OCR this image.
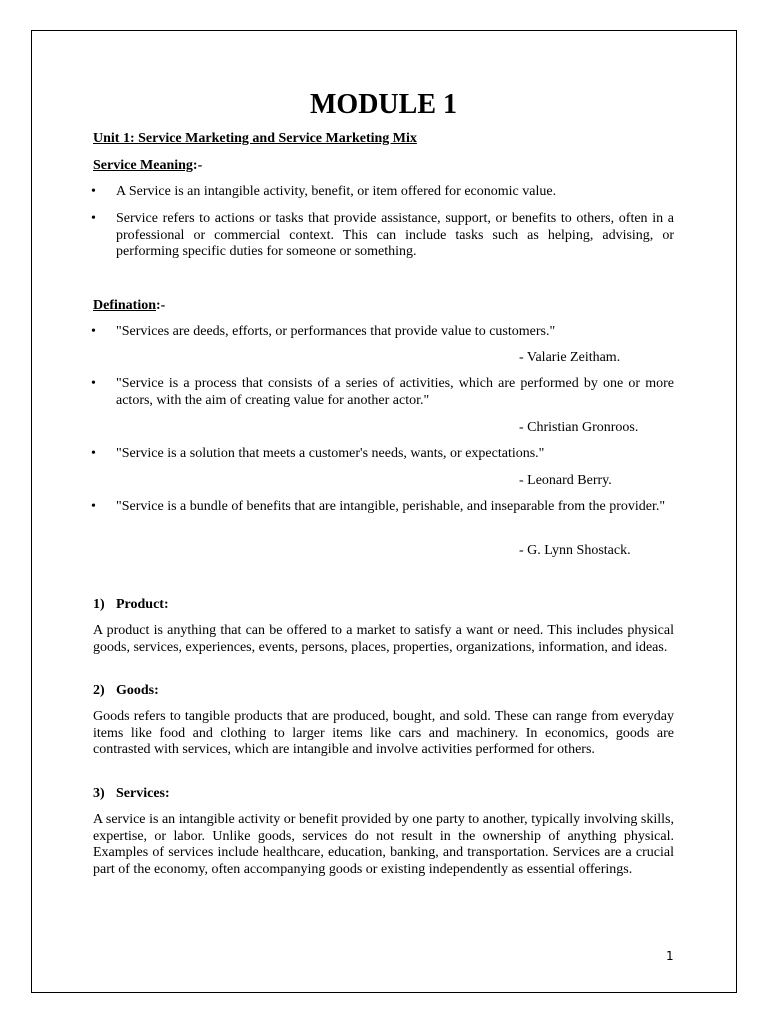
MODULE 1

Unit 1: Service Marketing and Service Marketing Mix

Service Meaning:-
• A Service is an intangible activity, benefit, or item offered for economic value.
• Service refers to actions or tasks that provide assistance, support, or benefits to others, often in a professional or commercial context. This can include tasks such as helping, advising, or performing specific duties for someone or something.
Defination:-
• "Services are deeds, efforts, or performances that provide value to customers."
- Valarie Zeitham.
• "Service is a process that consists of a series of activities, which are performed by one or more actors, with the aim of creating value for another actor."
- Christian Gronroos.
• "Service is a solution that meets a customer's needs, wants, or expectations."
- Leonard Berry.
• "Service is a bundle of benefits that are intangible, perishable, and inseparable from the provider."
- G. Lynn Shostack.
1) Product:
A product is anything that can be offered to a market to satisfy a want or need. This includes physical goods, services, experiences, events, persons, places, properties, organizations, information, and ideas.
2) Goods:
Goods refers to tangible products that are produced, bought, and sold. These can range from everyday items like food and clothing to larger items like cars and machinery. In economics, goods are contrasted with services, which are intangible and involve activities performed for others.
3) Services:
A service is an intangible activity or benefit provided by one party to another, typically involving skills, expertise, or labor. Unlike goods, services do not result in the ownership of anything physical. Examples of services include healthcare, education, banking, and transportation. Services are a crucial part of the economy, often accompanying goods or existing independently as essential offerings.
1
